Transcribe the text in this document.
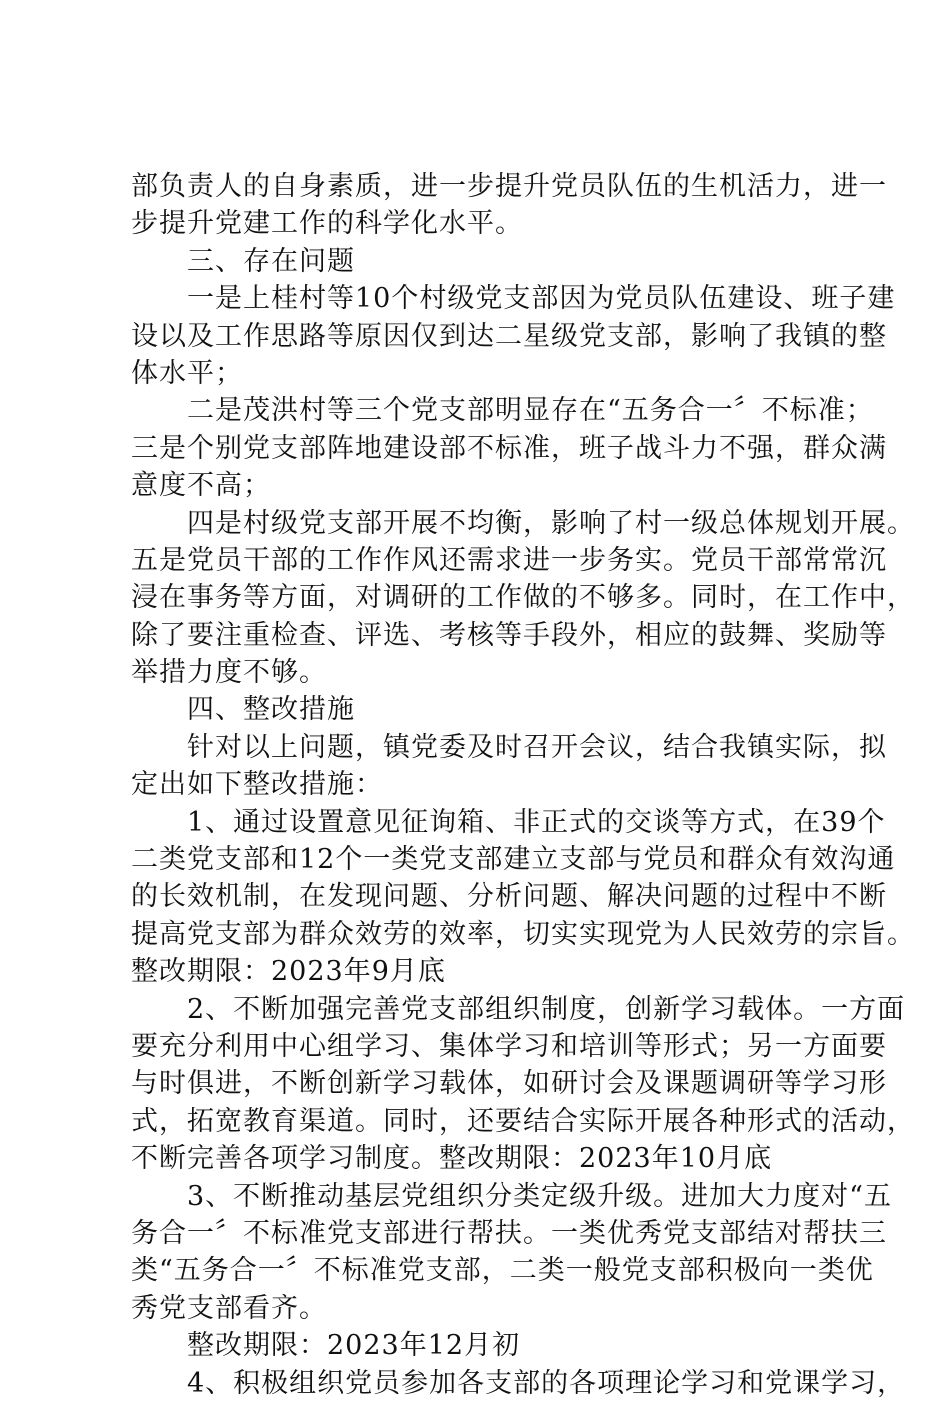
部负责人的自身素质，进一步提升党员队伍的生机活力，进一
步提升党建工作的科学化水平。
三、存在问题
一是上桂村等10个村级党支部因为党员队伍建设、班子建
设以及工作思路等原因仅到达二星级党支部，影响了我镇的整
体水平；
二是茂洪村等三个党支部明显存在“五务合一〞不标准；
三是个别党支部阵地建设部不标准，班子战斗力不强，群众满
意度不高；
四是村级党支部开展不均衡，影响了村一级总体规划开展。
五是党员干部的工作作风还需求进一步务实。党员干部常常沉
浸在事务等方面，对调研的工作做的不够多。同时，在工作中，
除了要注重检查、评选、考核等手段外，相应的鼓舞、奖励等
举措力度不够。
四、整改措施
针对以上问题，镇党委及时召开会议，结合我镇实际，拟
定出如下整改措施：
1、通过设置意见征询箱、非正式的交谈等方式，在39个
二类党支部和12个一类党支部建立支部与党员和群众有效沟通
的长效机制，在发现问题、分析问题、解决问题的过程中不断
提高党支部为群众效劳的效率，切实实现党为人民效劳的宗旨。
整改期限：2023年9月底
2、不断加强完善党支部组织制度，创新学习载体。一方面
要充分利用中心组学习、集体学习和培训等形式；另一方面要
与时俱进，不断创新学习载体，如研讨会及课题调研等学习形
式，拓宽教育渠道。同时，还要结合实际开展各种形式的活动，
不断完善各项学习制度。整改期限：2023年10月底
3、不断推动基层党组织分类定级升级。进加大力度对“五
务合一〞不标准党支部进行帮扶。一类优秀党支部结对帮扶三
类“五务合一〞不标准党支部，二类一般党支部积极向一类优
秀党支部看齐。
整改期限：2023年12月初
4、积极组织党员参加各支部的各项理论学习和党课学习，
